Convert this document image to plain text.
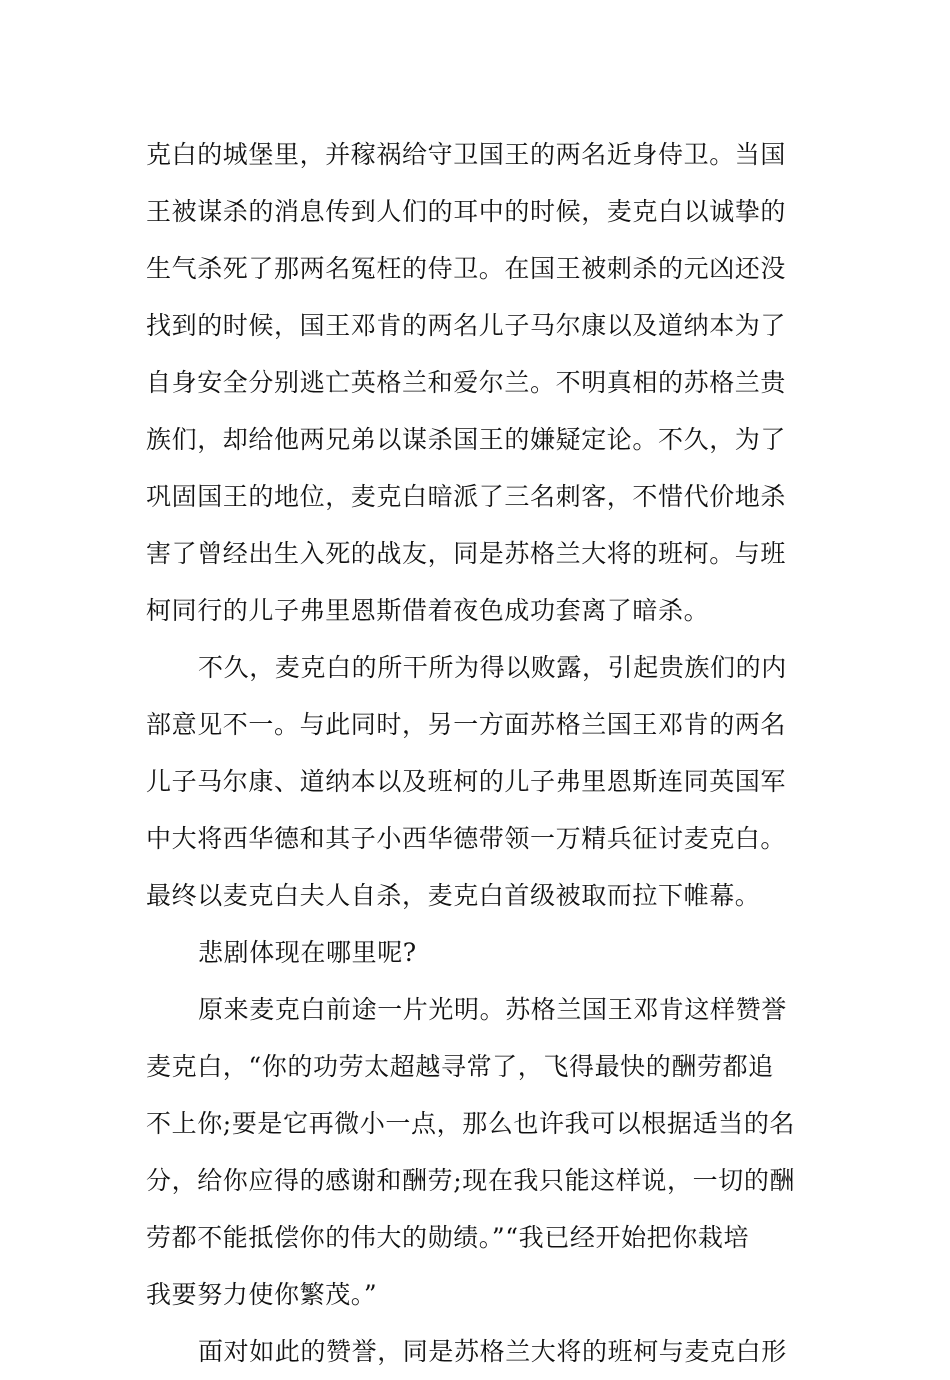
克白的城堡里，并稼祸给守卫国王的两名近身侍卫。当国
王被谋杀的消息传到人们的耳中的时候，麦克白以诚挚的
生气杀死了那两名冤枉的侍卫。在国王被刺杀的元凶还没
找到的时候，国王邓肯的两名儿子马尔康以及道纳本为了
自身安全分别逃亡英格兰和爱尔兰。不明真相的苏格兰贵
族们，却给他两兄弟以谋杀国王的嫌疑定论。不久，为了
巩固国王的地位，麦克白暗派了三名刺客，不惜代价地杀
害了曾经出生入死的战友，同是苏格兰大将的班柯。与班
柯同行的儿子弗里恩斯借着夜色成功套离了暗杀。
不久，麦克白的所干所为得以败露，引起贵族们的内
部意见不一。与此同时，另一方面苏格兰国王邓肯的两名
儿子马尔康、道纳本以及班柯的儿子弗里恩斯连同英国军
中大将西华德和其子小西华德带领一万精兵征讨麦克白。
最终以麦克白夫人自杀，麦克白首级被取而拉下帷幕。
悲剧体现在哪里呢?
原来麦克白前途一片光明。苏格兰国王邓肯这样赞誉
麦克白，“你的功劳太超越寻常了，飞得最快的酬劳都追
不上你;要是它再微小一点，那么也许我可以根据适当的名
分，给你应得的感谢和酬劳;现在我只能这样说，一切的酬
劳都不能抵偿你的伟大的勋绩。”“我已经开始把你栽培
我要努力使你繁茂。”
面对如此的赞誉，同是苏格兰大将的班柯与麦克白形
